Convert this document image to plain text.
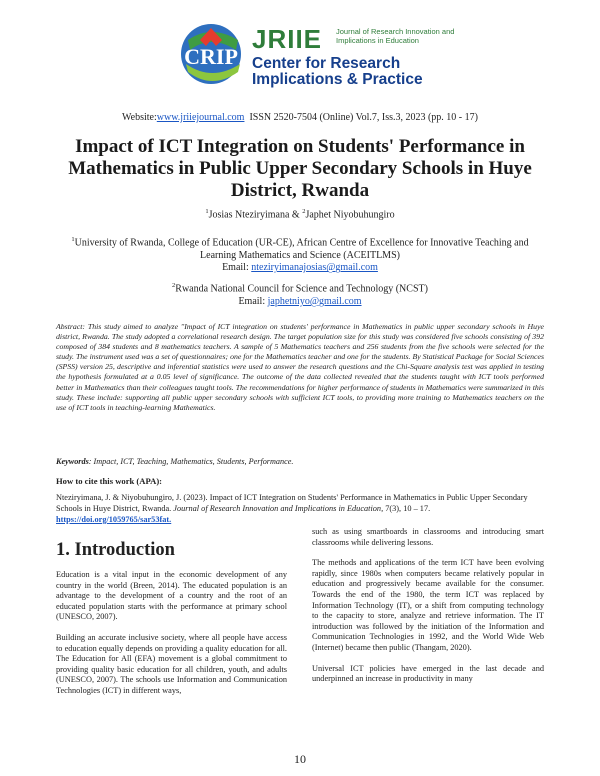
CRIP
JRIIE Journal of Research Innovation and Implications in Education
Center for Research
Implications & Practice
Website:www.jriiejournal.com ISSN 2520-7504 (Online) Vol.7, Iss.3, 2023 (pp. 10 - 17)
Impact of ICT Integration on Students' Performance in Mathematics in Public Upper Secondary Schools in Huye District, Rwanda
$^1$Josias Nteziryimana & $^2$Japhet Niyobuhungiro
$^1$University of Rwanda, College of Education (UR-CE), African Centre of Excellence for Innovative Teaching and Learning Mathematics and Science (ACEITLMS)
Email: nteziryimanajosias@gmail.com
$^2$Rwanda National Council for Science and Technology (NCST)
Email: japhetniyo@gmail.com
Abstract: This study aimed to analyze ''Impact of ICT integration on students' performance in Mathematics in public upper secondary schools in Huye district, Rwanda. The study adopted a correlational research design. The target population size for this study was considered five schools consisting of 392 composed of 384 students and 8 mathematics teachers. A sample of 5 Mathematics teachers and 256 students from the five schools were selected for the study. The instrument used was a set of questionnaires; one for the Mathematics teacher and one for the students. By Statistical Package for Social Sciences (SPSS) version 25, descriptive and inferential statistics were used to answer the research questions and the Chi-Square analysis test was applied in testing the hypothesis formulated at a 0.05 level of significance. The outcome of the data collected revealed that the students taught with ICT tools performed better in Mathematics than their colleagues taught tools. The recommendations for higher performance of students in Mathematics were summarized in this study. These include: supporting all public upper secondary schools with sufficient ICT tools, to providing more training to Mathematics teachers on the use of ICT tools in teaching-learning Mathematics.
Keywords: Impact, ICT, Teaching, Mathematics, Students, Performance.
How to cite this work (APA):
Nteziryimana, J. & Niyobuhungiro, J. (2023). Impact of ICT Integration on Students' Performance in Mathematics in Public Upper Secondary Schools in Huye District, Rwanda. Journal of Research Innovation and Implications in Education, 7(3), 10 – 17. https://doi.org/1059765/sar53fat.
1. Introduction

Education is a vital input in the economic development of any country in the world (Breen, 2014). The educated population is an advantage to the development of a country and the root of an educated population starts with the performance at primary school (UNESCO, 2007).

Building an accurate inclusive society, where all people have access to education equally depends on providing a quality education for all. The Education for All (EFA) movement is a global commitment to providing quality basic education for all children, youth, and adults (UNESCO, 2007). The schools use Information and Communication Technologies (ICT) in different ways,

such as using smartboards in classrooms and introducing smart classrooms while delivering lessons.

The methods and applications of the term ICT have been evolving rapidly, since 1980s when computers became relatively popular in education and progressively became available for the consumer. Towards the end of the 1980, the term ICT was replaced by Information Technology (IT), or a shift from computing technology to the capacity to store, analyze and retrieve information. The IT introduction was followed by the initiation of the Information and Communication Technologies in 1992, and the World Wide Web (Internet) became then public (Thangam, 2020).

Universal ICT policies have emerged in the last decade and underpinned an increase in productivity in many

10
